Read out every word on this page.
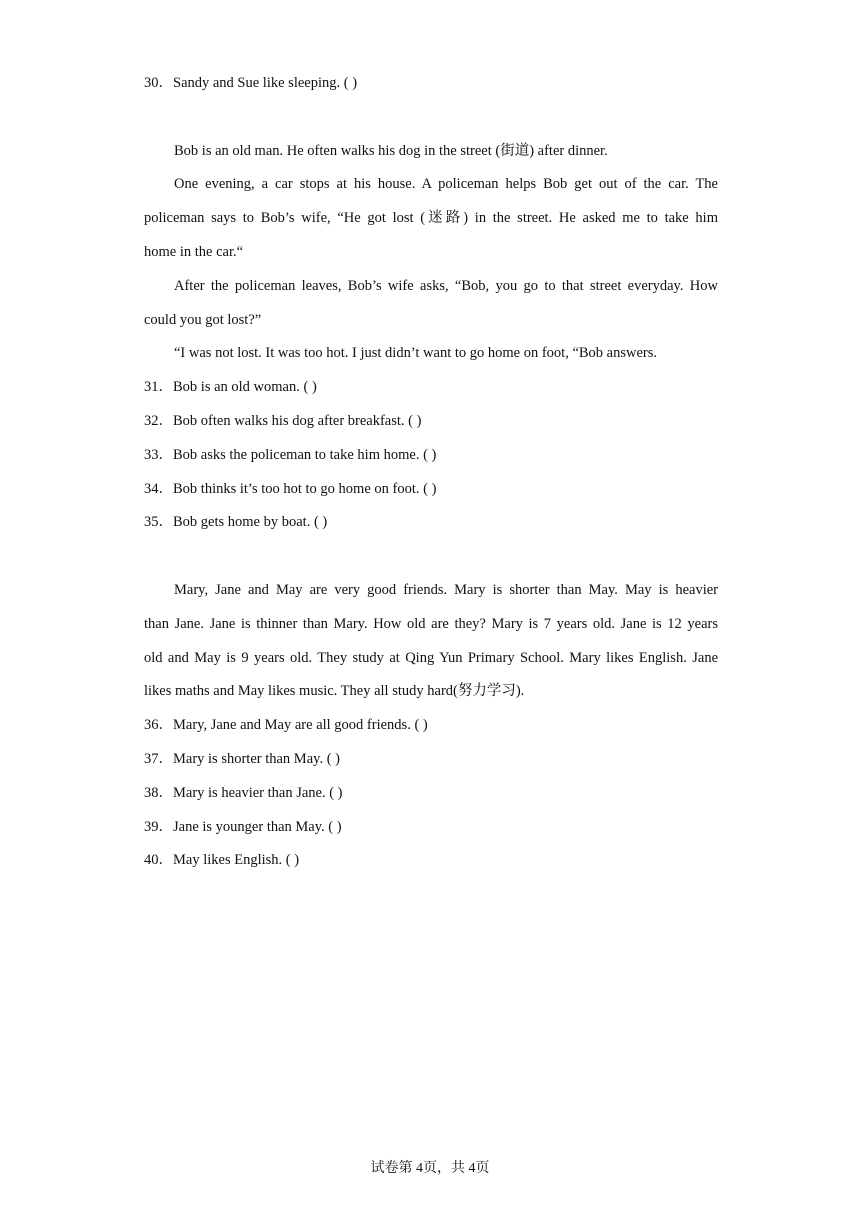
30．Sandy and Sue like sleeping. ( )
Bob is an old man. He often walks his dog in the street (街道) after dinner.
One evening, a car stops at his house. A policeman helps Bob get out of the car. The
policeman says to Bob’s wife, “He got lost (迷路) in the street. He asked me to take him
home in the car.“
After the policeman leaves, Bob’s wife asks, “Bob, you go to that street everyday. How
could you got lost?”
“I was not lost. It was too hot. I just didn’t want to go home on foot, “Bob answers.
31．Bob is an old woman. ( )
32．Bob often walks his dog after breakfast. ( )
33．Bob asks the policeman to take him home. ( )
34．Bob thinks it’s too hot to go home on foot. ( )
35．Bob gets home by boat. ( )
Mary, Jane and May are very good friends. Mary is shorter than May. May is heavier
than Jane. Jane is thinner than Mary. How old are they? Mary is 7 years old. Jane is 12 years
old and May is 9 years old. They study at Qing Yun Primary School. Mary likes English. Jane
likes maths and May likes music. They all study hard(努力学习).
36．Mary, Jane and May are all good friends. ( )
37．Mary is shorter than May. ( )
38．Mary is heavier than Jane. ( )
39．Jane is younger than May. ( )
40．May likes English. ( )
试卷第 4页，共 4页
